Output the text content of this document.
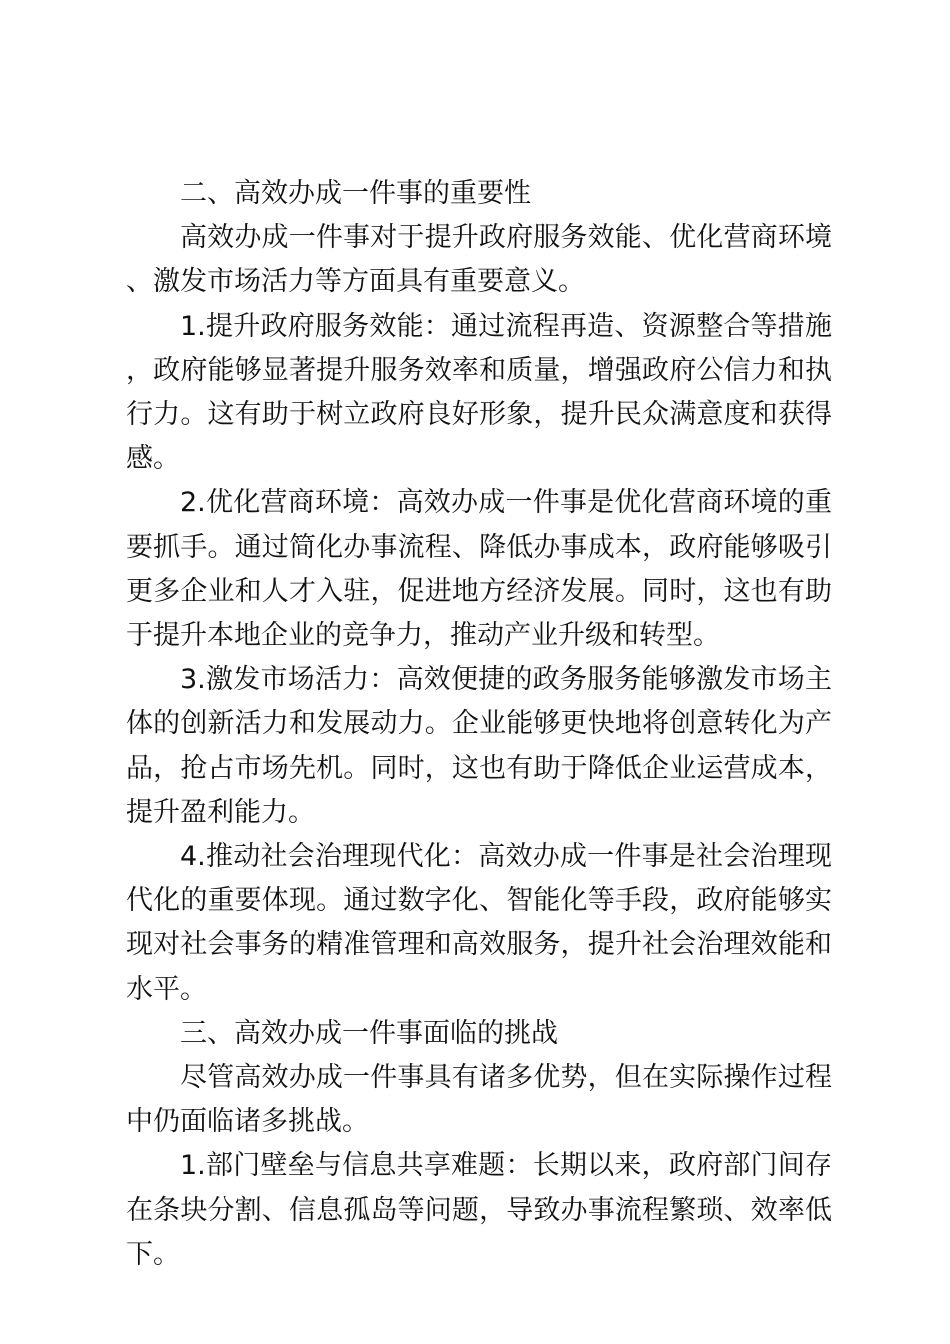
二、高效办成一件事的重要性

高效办成一件事对于提升政府服务效能、优化营商环境、激发市场活力等方面具有重要意义。

1.提升政府服务效能：通过流程再造、资源整合等措施，政府能够显著提升服务效率和质量，增强政府公信力和执行力。这有助于树立政府良好形象，提升民众满意度和获得感。

2.优化营商环境：高效办成一件事是优化营商环境的重要抓手。通过简化办事流程、降低办事成本，政府能够吸引更多企业和人才入驻，促进地方经济发展。同时，这也有助于提升本地企业的竞争力，推动产业升级和转型。

3.激发市场活力：高效便捷的政务服务能够激发市场主体的创新活力和发展动力。企业能够更快地将创意转化为产品，抢占市场先机。同时，这也有助于降低企业运营成本，提升盈利能力。

4.推动社会治理现代化：高效办成一件事是社会治理现代化的重要体现。通过数字化、智能化等手段，政府能够实现对社会事务的精准管理和高效服务，提升社会治理效能和水平。

三、高效办成一件事面临的挑战

尽管高效办成一件事具有诸多优势，但在实际操作过程中仍面临诸多挑战。

1.部门壁垒与信息共享难题：长期以来，政府部门间存在条块分割、信息孤岛等问题，导致办事流程繁琐、效率低下。
